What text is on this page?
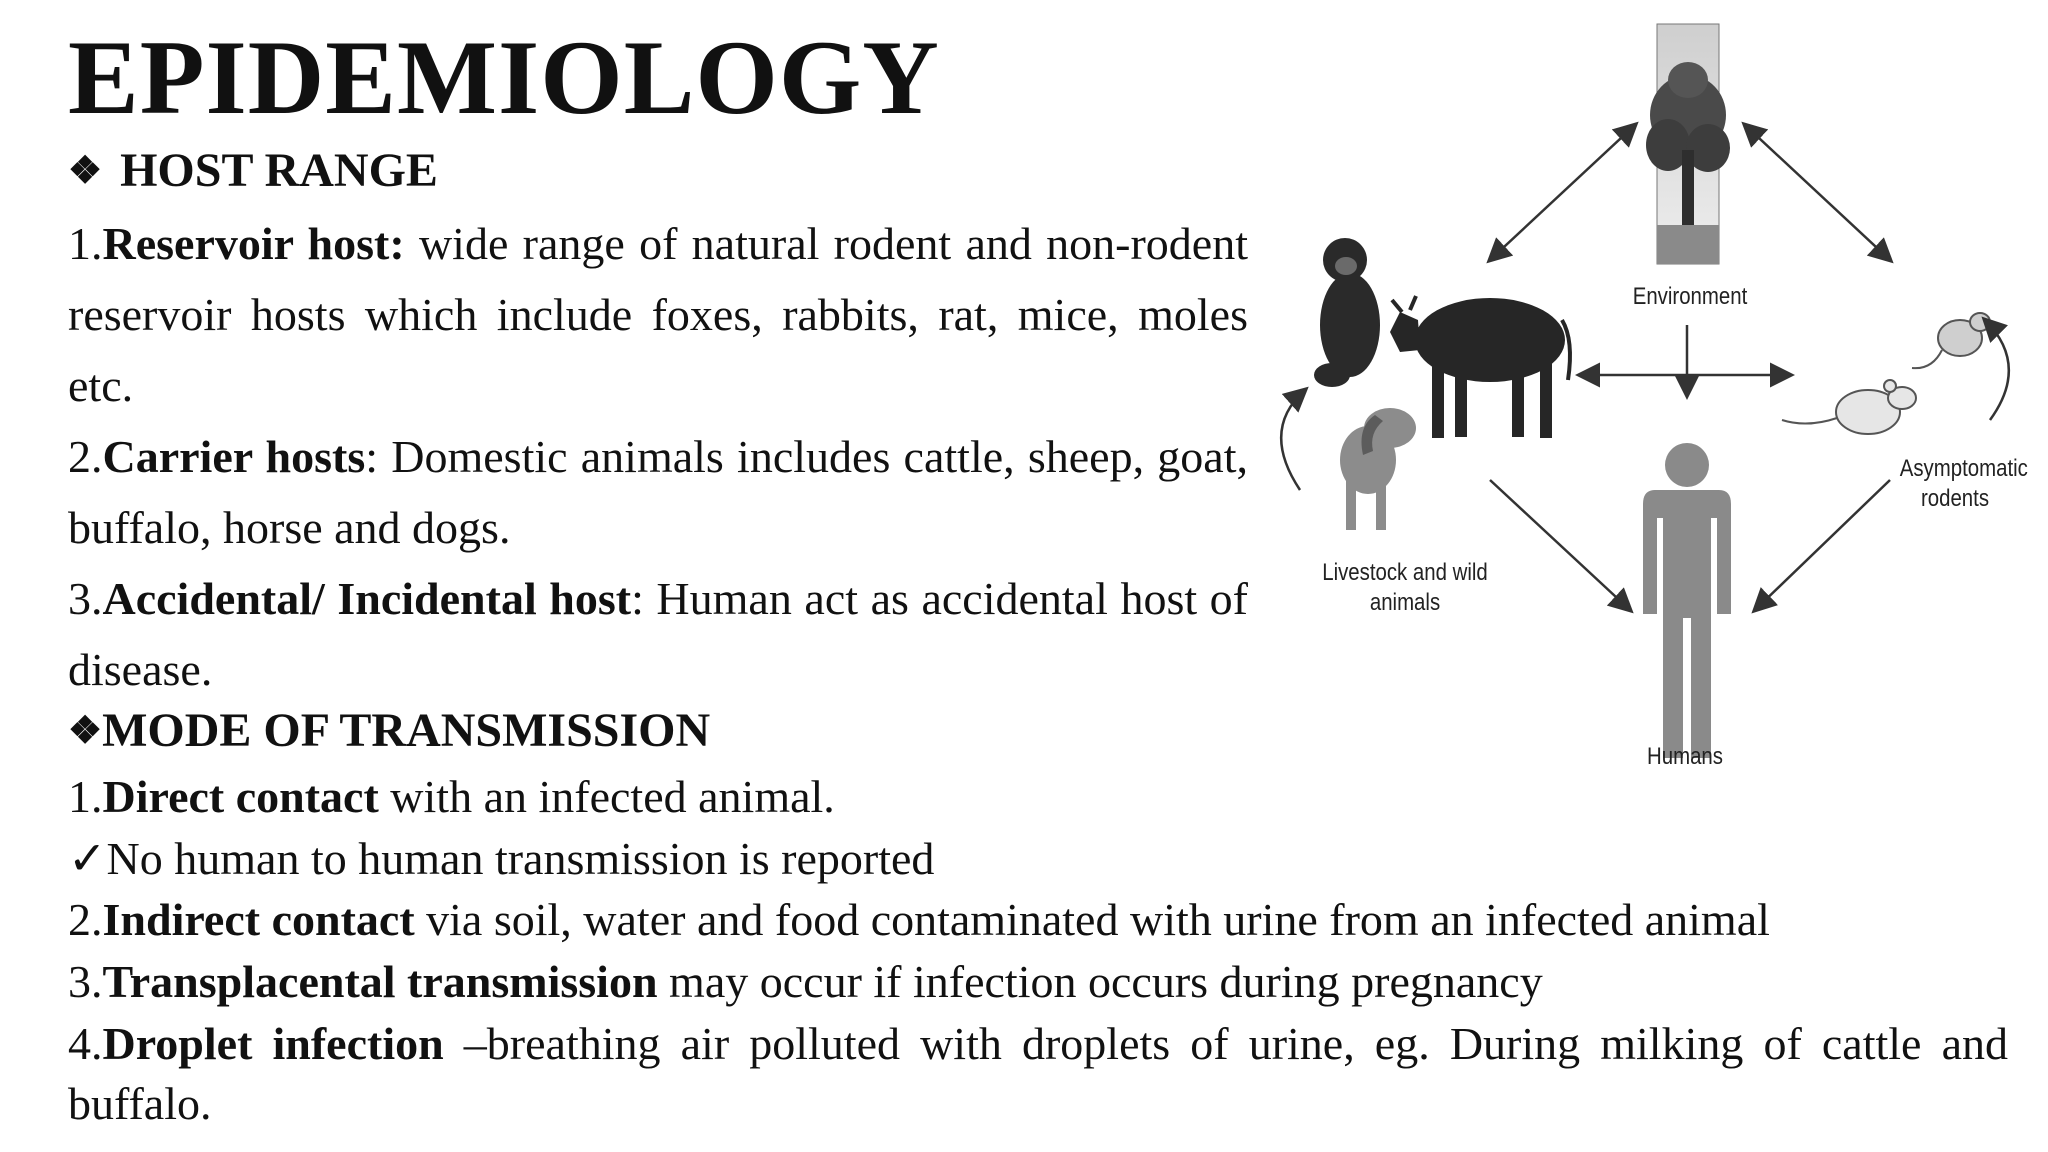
EPIDEMIOLOGY
❖ HOST RANGE
1.Reservoir host: wide range of natural rodent and non-rodent reservoir hosts which include foxes, rabbits, rat, mice, moles etc.
2.Carrier hosts: Domestic animals includes cattle, sheep, goat, buffalo, horse and dogs.
3.Accidental/ Incidental host: Human act as accidental host of disease.
❖MODE OF TRANSMISSION
1.Direct contact with an infected animal.
✓No human to human transmission is reported
2.Indirect contact via soil, water and food contaminated with urine from an infected animal
3.Transplacental transmission may occur if infection occurs during pregnancy
4.Droplet infection –breathing air polluted with droplets of urine, eg. During milking of cattle and buffalo.
Environment
Livestock and wild animals
Asymptomatic
rodents
Humans
